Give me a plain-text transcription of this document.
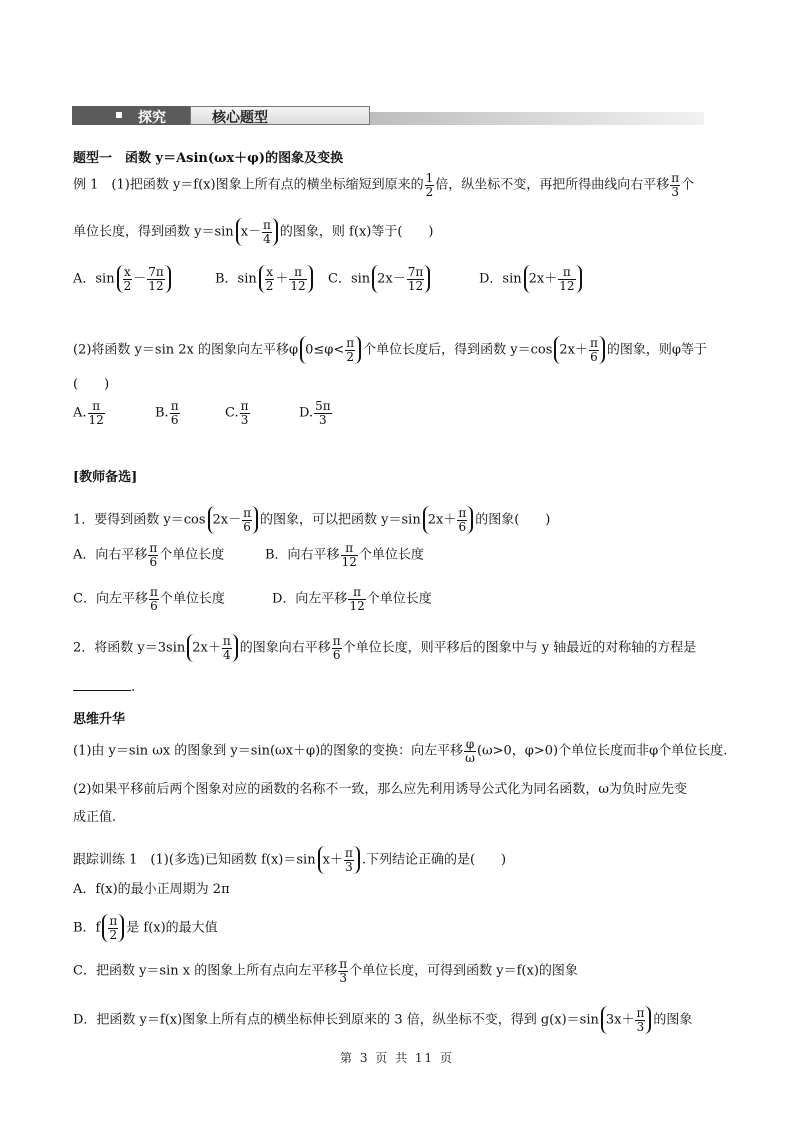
探究	核心题型
题型一　函数 y＝Asin(ωx＋φ)的图象及变换
例 1　(1)把函数 y＝f(x)图象上所有点的横坐标缩短到原来的 $\frac{1}{2}$ 倍，纵坐标不变，再把所得曲线向右平移 $\frac{\pi}{3}$ 个
单位长度，得到函数 y＝sin $x- \frac{\pi}{4}$ 的图象，则 f(x)等于(　　)
A．$\sin \frac{x}{2} - \frac{7\pi}{12}$	B．$\sin \frac{x}{2} + \frac{\pi}{12}$ C．$\sin 2x- \frac{7\pi}{12}$	D．$\sin 2x+ \frac{\pi}{12}$
(2)将函数 y＝sin 2x 的图象向左平移φ $0\le\varphi< \frac{\pi}{2}$ 个单位长度后，得到函数 y＝cos $2x+ \frac{\pi}{6}$ 的图象，则φ等于
(　　)
A. $\frac{\pi}{12}$	B. $\frac{\pi}{6}$	C. $\frac{\pi}{3}$	D. $\frac{5\pi}{3}$
[教师备选]
1．要得到函数 y＝cos $2x- \frac{\pi}{6}$ 的图象，可以把函数 y＝sin $2x+ \frac{\pi}{6}$ 的图象(　　)
A．向右平移 $\frac{\pi}{6}$ 个单位长度	B．向右平移 $\frac{\pi}{12}$ 个单位长度
C．向左平移 $\frac{\pi}{6}$ 个单位长度	D．向左平移 $\frac{\pi}{12}$ 个单位长度
2．将函数 y＝3sin $2x+ \frac{\pi}{4}$ 的图象向右平移 $\frac{\pi}{6}$ 个单位长度，则平移后的图象中与 y 轴最近的对称轴的方程是
.
思维升华
(1)由 y＝sin ωx 的图象到 y＝sin(ωx＋φ)的图象的变换：向左平移 $\frac{\varphi}{\omega} (\omega>0$，φ>0)个单位长度而非φ个单位长度.
(2)如果平移前后两个图象对应的函数的名称不一致，那么应先利用诱导公式化为同名函数，ω为负时应先变
成正值.
跟踪训练 1　(1)(多选)已知函数 f(x)＝sin $x+ \frac{\pi}{3}$ .下列结论正确的是(　　)
A．f(x)的最小正周期为 2π
B．f $\frac{\pi}{2}$ 是 f(x)的最大值
C．把函数 y＝sin x 的图象上所有点向左平移 $\frac{\pi}{3}$ 个单位长度，可得到函数 y＝f(x)的图象
D．把函数 y＝f(x)图象上所有点的横坐标伸长到原来的 3 倍，纵坐标不变，得到 g(x)＝sin $3x+ \frac{\pi}{3}$ 的图象
第 3 页 共 11 页
